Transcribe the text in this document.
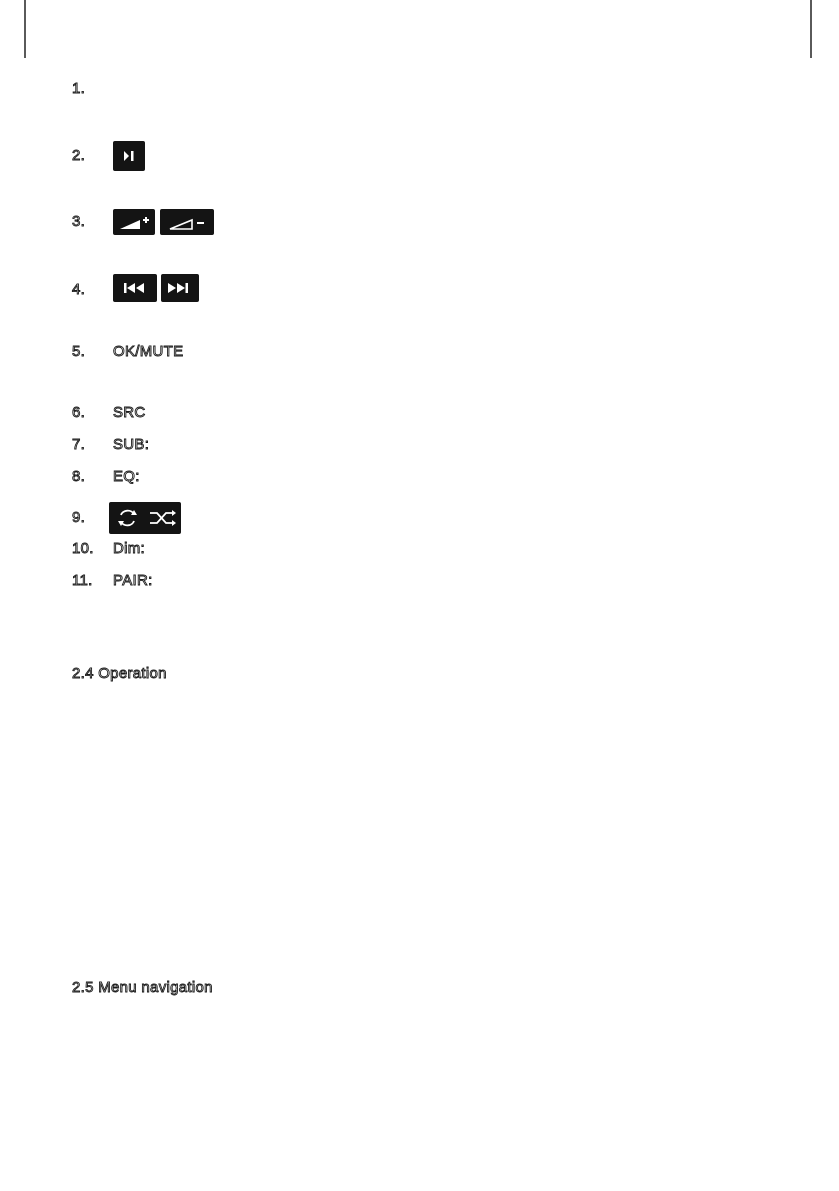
1.
2.
3.
4.
5. OK/MUTE
6. SRC
7. SUB:
8. EQ:
9.
10. Dim:
11. PAIR:
2.4 Operation
2.5 Menu navigation
